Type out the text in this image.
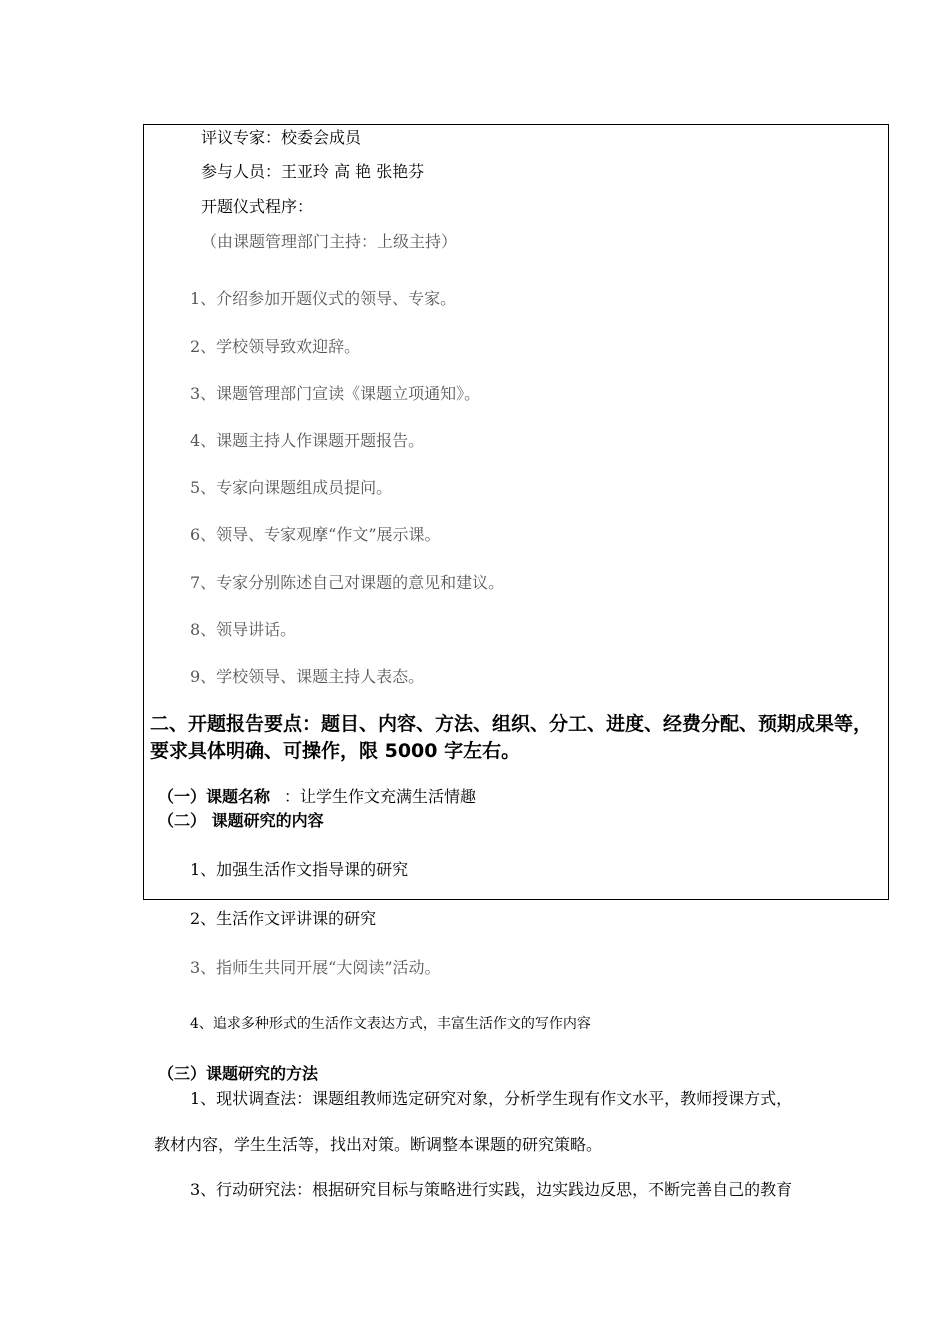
评议专家：校委会成员
参与人员：王亚玲 高 艳 张艳芬
开题仪式程序：
（由课题管理部门主持：上级主持）
1、介绍参加开题仪式的领导、专家。
2、学校领导致欢迎辞。
3、课题管理部门宣读《课题立项通知》。
4、课题主持人作课题开题报告。
5、专家向课题组成员提问。
6、领导、专家观摩“作文”展示课。
7、专家分别陈述自己对课题的意见和建议。
8、领导讲话。
9、学校领导、课题主持人表态。
二、开题报告要点：题目、内容、方法、组织、分工、进度、经费分配、预期成果等，要求具体明确、可操作，限 5000 字左右。
（一）课题名称 ：让学生作文充满生活情趣
（二） 课题研究的内容
1、加强生活作文指导课的研究
2、生活作文评讲课的研究
3、指师生共同开展“大阅读”活动。
4、追求多种形式的生活作文表达方式，丰富生活作文的写作内容
（三）课题研究的方法
1、现状调查法：课题组教师选定研究对象，分析学生现有作文水平，教师授课方式，
教材内容，学生生活等，找出对策。断调整本课题的研究策略。
3、行动研究法：根据研究目标与策略进行实践，边实践边反思，不断完善自己的教育
